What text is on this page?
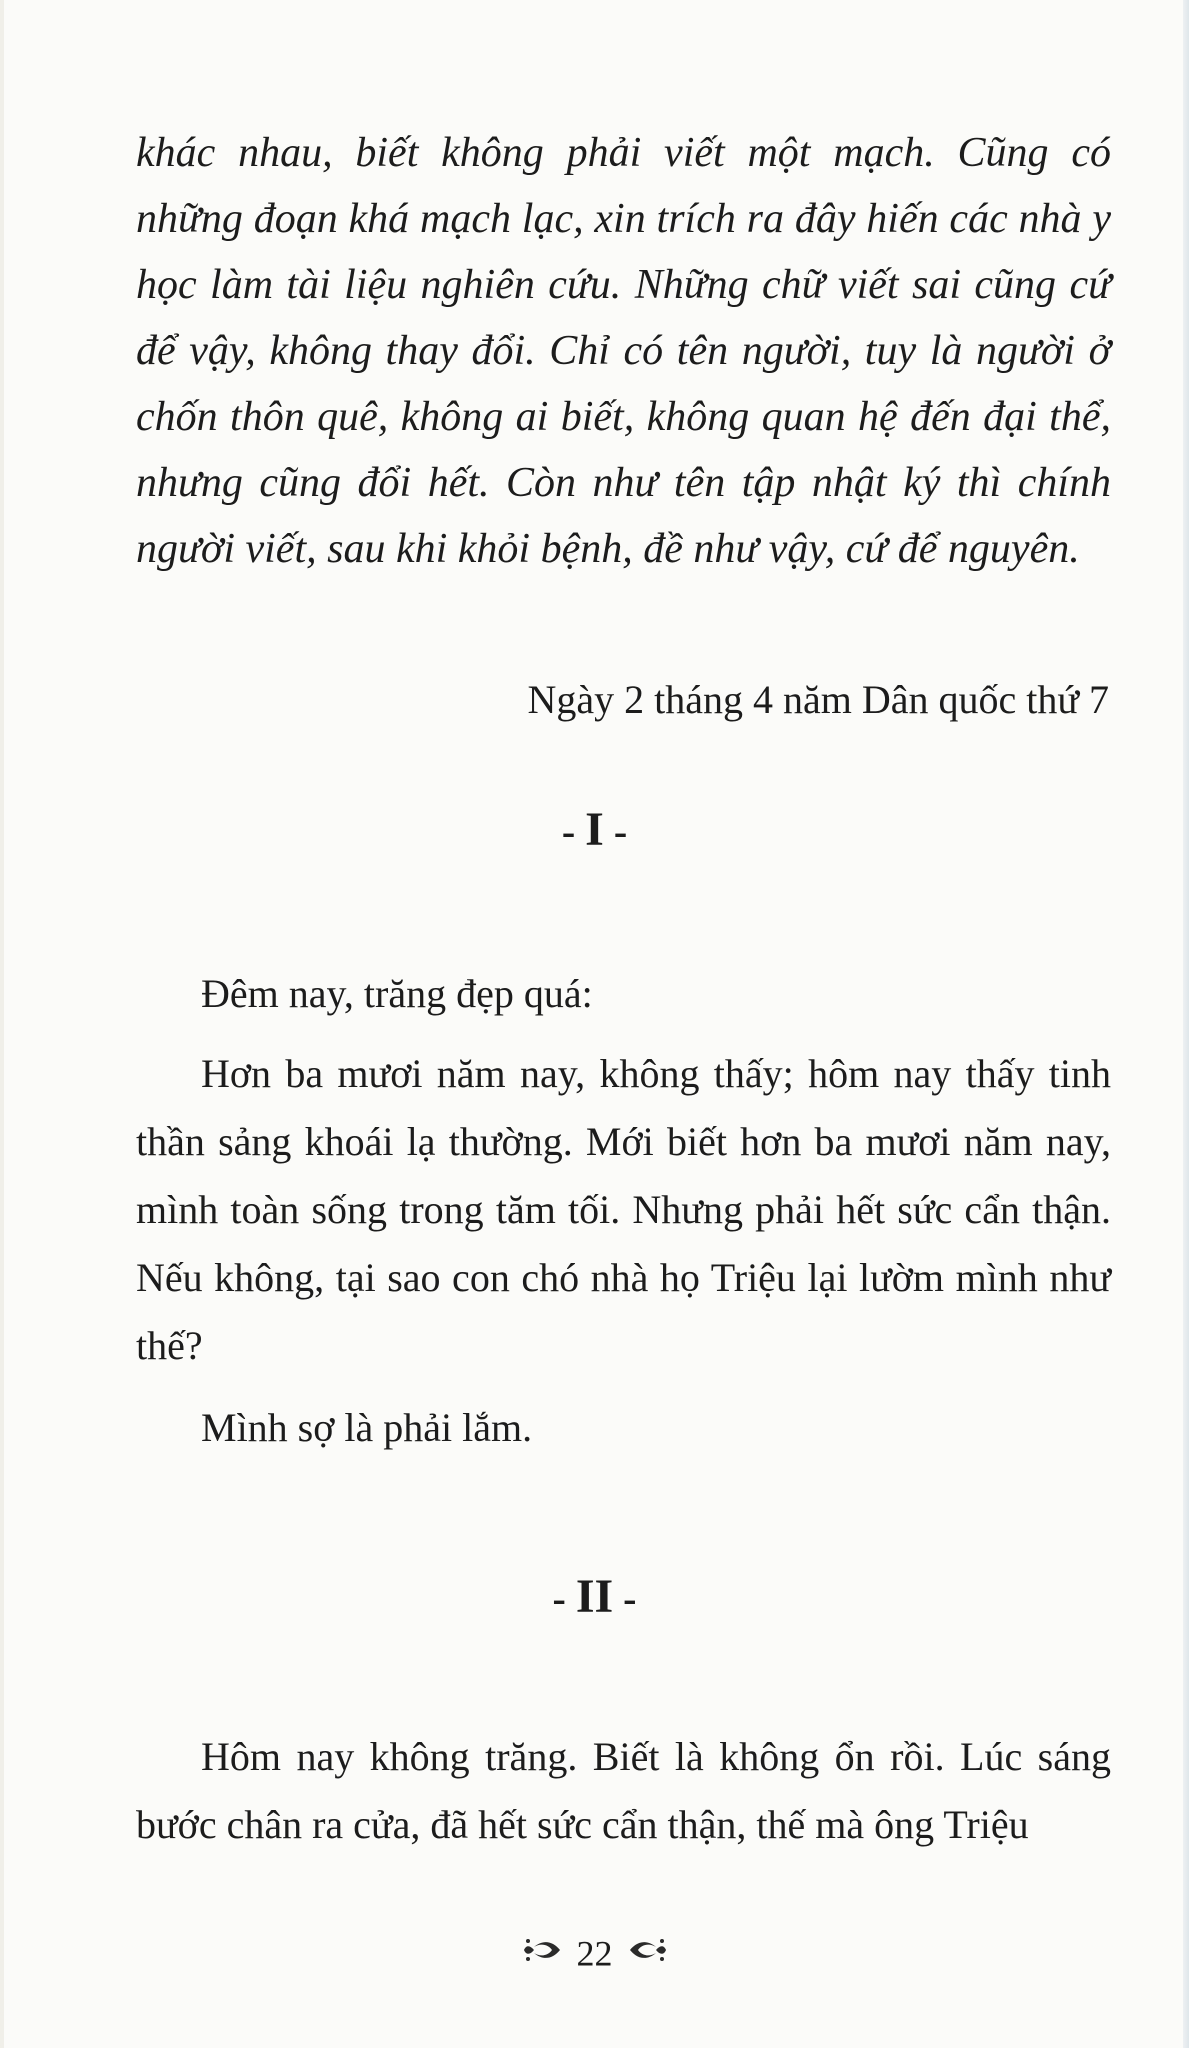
khác nhau, biết không phải viết một mạch. Cũng có những đoạn khá mạch lạc, xin trích ra đây hiến các nhà y học làm tài liệu nghiên cứu. Những chữ viết sai cũng cứ để vậy, không thay đổi. Chỉ có tên người, tuy là người ở chốn thôn quê, không ai biết, không quan hệ đến đại thể, nhưng cũng đổi hết. Còn như tên tập nhật ký thì chính người viết, sau khi khỏi bệnh, đề như vậy, cứ để nguyên.

Ngày 2 tháng 4 năm Dân quốc thứ 7

- I -

Đêm nay, trăng đẹp quá:

Hơn ba mươi năm nay, không thấy; hôm nay thấy tinh thần sảng khoái lạ thường. Mới biết hơn ba mươi năm nay, mình toàn sống trong tăm tối. Nhưng phải hết sức cẩn thận. Nếu không, tại sao con chó nhà họ Triệu lại lườm mình như thế?

Mình sợ là phải lắm.

- II -

Hôm nay không trăng. Biết là không ổn rồi. Lúc sáng bước chân ra cửa, đã hết sức cẩn thận, thế mà ông Triệu

22
